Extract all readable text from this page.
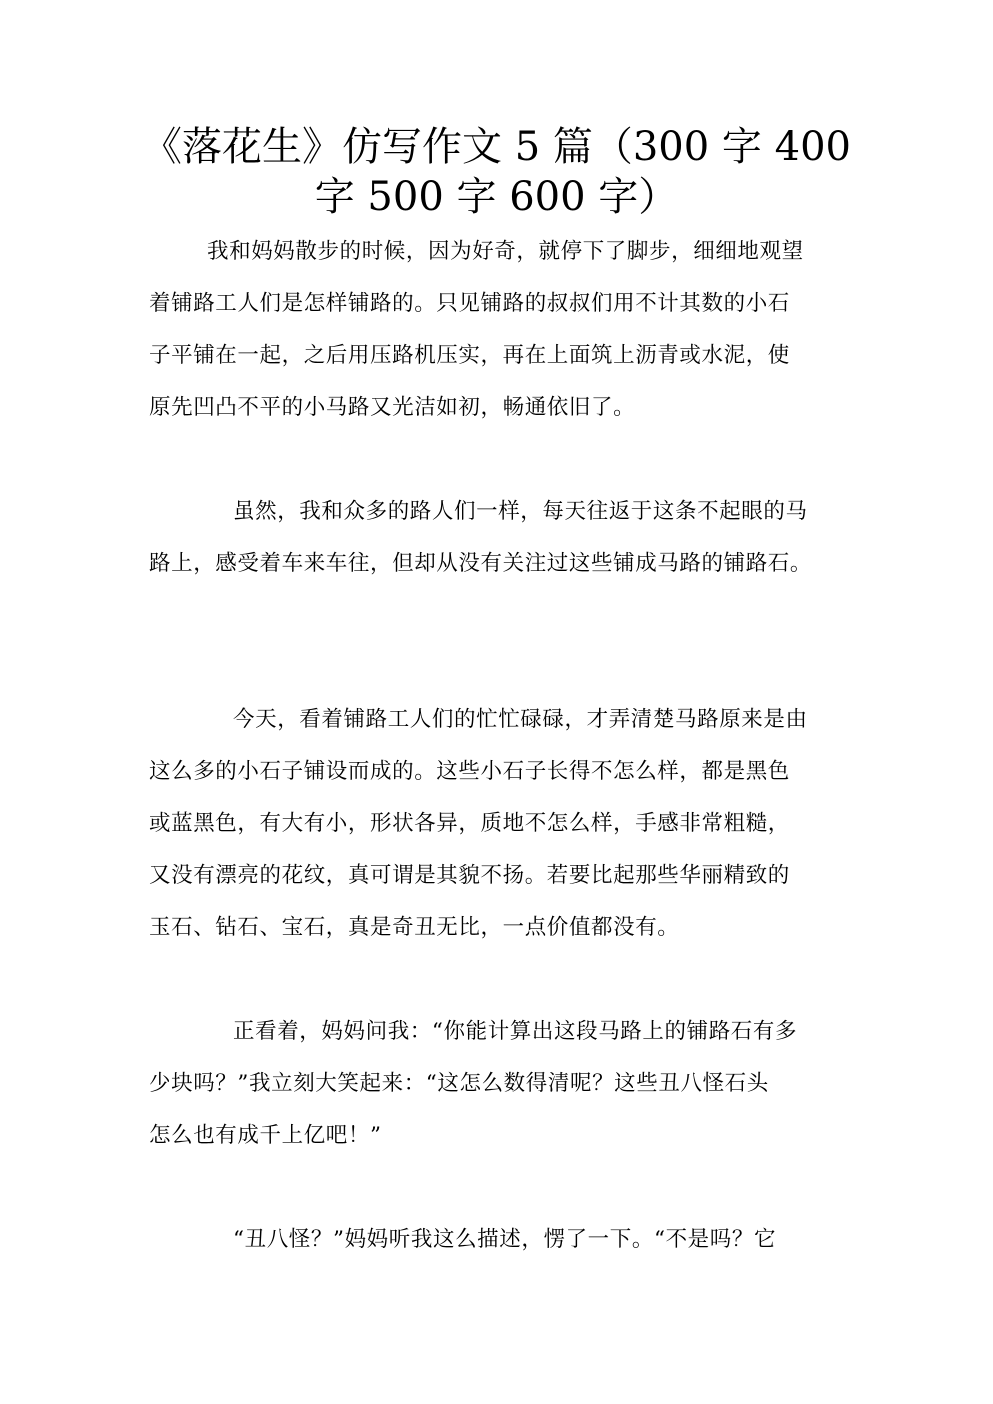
《落花生》仿写作文 5 篇（300 字 400
字 500 字 600 字）
我和妈妈散步的时候，因为好奇，就停下了脚步，细细地观望
着铺路工人们是怎样铺路的。只见铺路的叔叔们用不计其数的小石
子平铺在一起，之后用压路机压实，再在上面筑上沥青或水泥，使
原先凹凸不平的小马路又光洁如初，畅通依旧了。
虽然，我和众多的路人们一样，每天往返于这条不起眼的马
路上，感受着车来车往，但却从没有关注过这些铺成马路的铺路石。
今天，看着铺路工人们的忙忙碌碌，才弄清楚马路原来是由
这么多的小石子铺设而成的。这些小石子长得不怎么样，都是黑色
或蓝黑色，有大有小，形状各异，质地不怎么样，手感非常粗糙，
又没有漂亮的花纹，真可谓是其貌不扬。若要比起那些华丽精致的
玉石、钻石、宝石，真是奇丑无比，一点价值都没有。
正看着，妈妈问我：“你能计算出这段马路上的铺路石有多
少块吗？”我立刻大笑起来：“这怎么数得清呢？这些丑八怪石头
怎么也有成千上亿吧！”
“丑八怪？”妈妈听我这么描述，愣了一下。“不是吗？它
